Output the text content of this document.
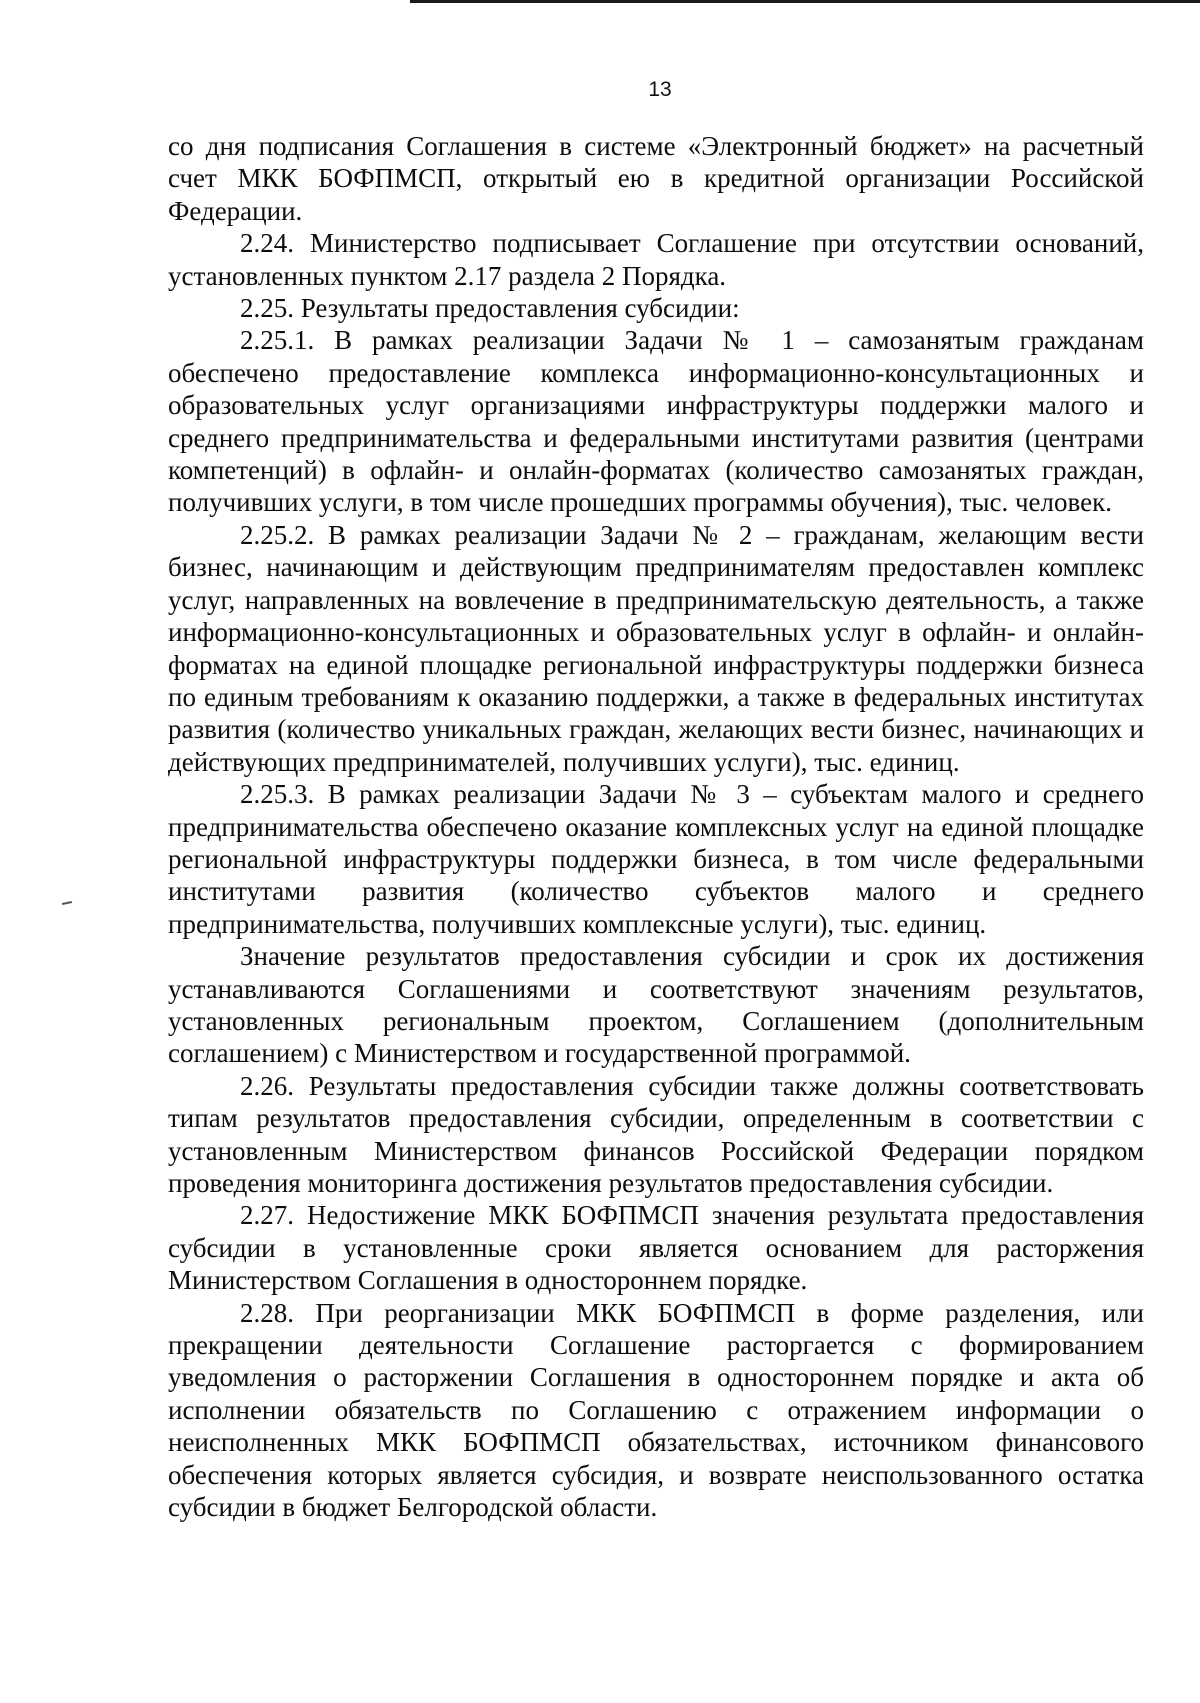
13

со дня подписания Соглашения в системе «Электронный бюджет» на расчетный счет МКК БОФПМСП, открытый ею в кредитной организации Российской Федерации.

2.24. Министерство подписывает Соглашение при отсутствии оснований, установленных пунктом 2.17 раздела 2 Порядка.

2.25. Результаты предоставления субсидии:

2.25.1. В рамках реализации Задачи № 1 – самозанятым гражданам обеспечено предоставление комплекса информационно-консультационных и образовательных услуг организациями инфраструктуры поддержки малого и среднего предпринимательства и федеральными институтами развития (центрами компетенций) в офлайн- и онлайн-форматах (количество самозанятых граждан, получивших услуги, в том числе прошедших программы обучения), тыс. человек.

2.25.2. В рамках реализации Задачи № 2 – гражданам, желающим вести бизнес, начинающим и действующим предпринимателям предоставлен комплекс услуг, направленных на вовлечение в предпринимательскую деятельность, а также информационно-консультационных и образовательных услуг в офлайн- и онлайн-форматах на единой площадке региональной инфраструктуры поддержки бизнеса по единым требованиям к оказанию поддержки, а также в федеральных институтах развития (количество уникальных граждан, желающих вести бизнес, начинающих и действующих предпринимателей, получивших услуги), тыс. единиц.

2.25.3. В рамках реализации Задачи № 3 – субъектам малого и среднего предпринимательства обеспечено оказание комплексных услуг на единой площадке региональной инфраструктуры поддержки бизнеса, в том числе федеральными институтами развития (количество субъектов малого и среднего предпринимательства, получивших комплексные услуги), тыс. единиц.

Значение результатов предоставления субсидии и срок их достижения устанавливаются Соглашениями и соответствуют значениям результатов, установленных региональным проектом, Соглашением (дополнительным соглашением) с Министерством и государственной программой.

2.26. Результаты предоставления субсидии также должны соответствовать типам результатов предоставления субсидии, определенным в соответствии с установленным Министерством финансов Российской Федерации порядком проведения мониторинга достижения результатов предоставления субсидии.

2.27. Недостижение МКК БОФПМСП значения результата предоставления субсидии в установленные сроки является основанием для расторжения Министерством Соглашения в одностороннем порядке.

2.28. При реорганизации МКК БОФПМСП в форме разделения, или прекращении деятельности Соглашение расторгается с формированием уведомления о расторжении Соглашения в одностороннем порядке и акта об исполнении обязательств по Соглашению с отражением информации о неисполненных МКК БОФПМСП обязательствах, источником финансового обеспечения которых является субсидия, и возврате неиспользованного остатка субсидии в бюджет Белгородской области.
